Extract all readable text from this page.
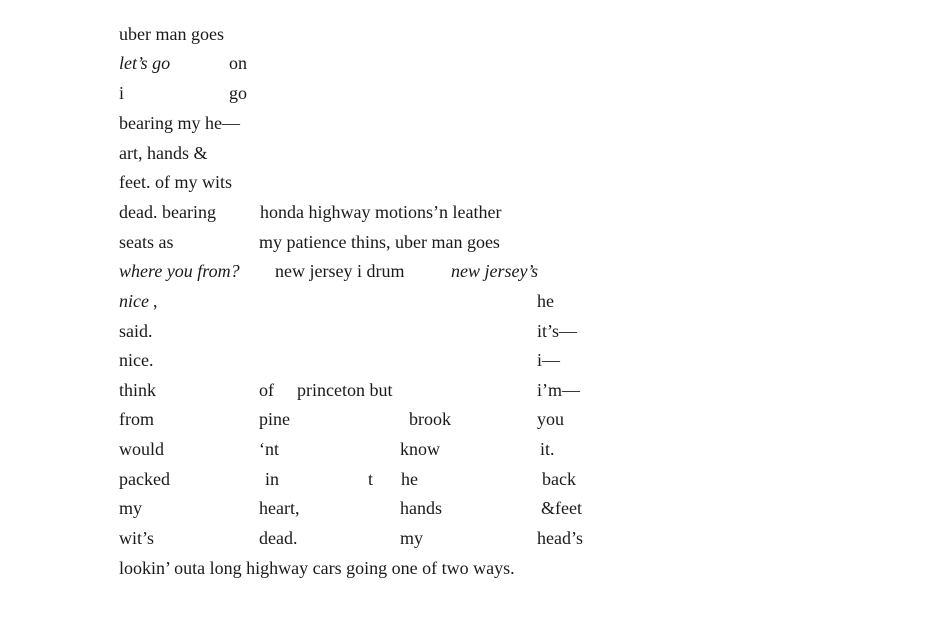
uber man goes
let’s go	on
i	go
bearing my he—
art, hands &
feet. of my wits
dead. bearing honda highway motions’n leather
seats as	my patience thins, uber man goes
where you from? new jersey i drum	new jersey’s
nice ,	he
said.	it’s—
nice.	i—
think	of princeton but	i’m—
from	pine	brook	you
would	‘nt	know	it.
packed	in	t he	back
my	heart,	hands	&feet
wit’s	dead.	my	head’s
lookin’ outa long highway cars going one of two ways.
